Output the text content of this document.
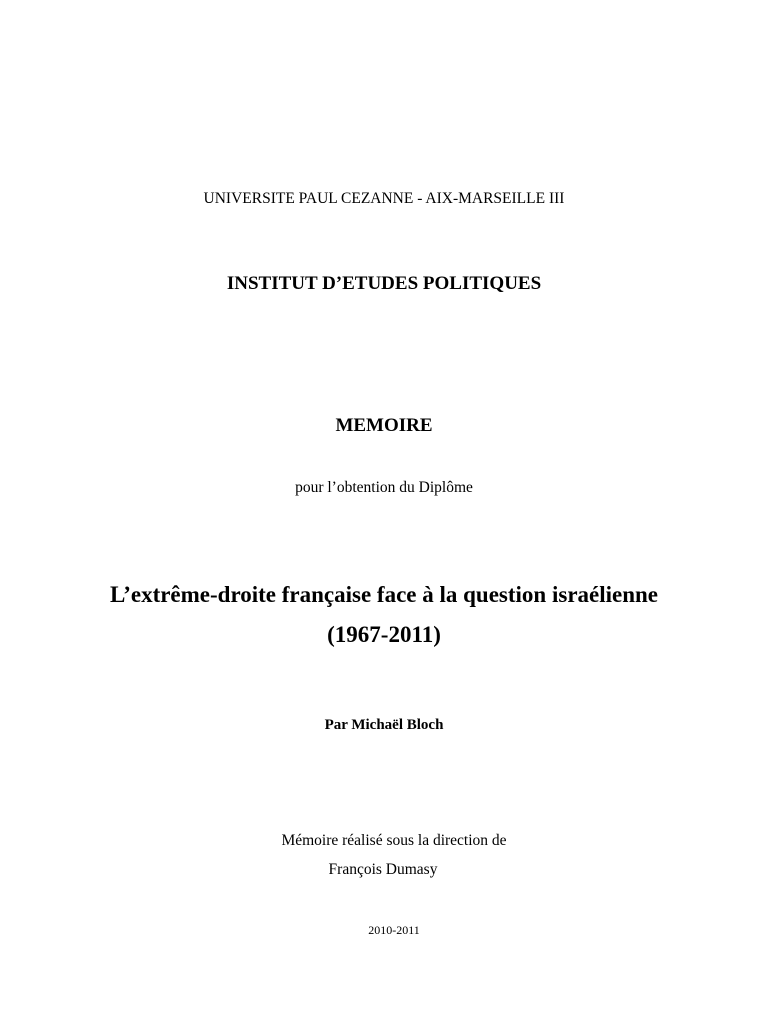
UNIVERSITE PAUL CEZANNE - AIX-MARSEILLE III
INSTITUT D’ETUDES POLITIQUES
MEMOIRE
pour l’obtention du Diplôme
L’extrême-droite française face à la question israélienne
(1967-2011)
Par Michaël Bloch
Mémoire réalisé sous la direction de
François Dumasy
2010-2011
